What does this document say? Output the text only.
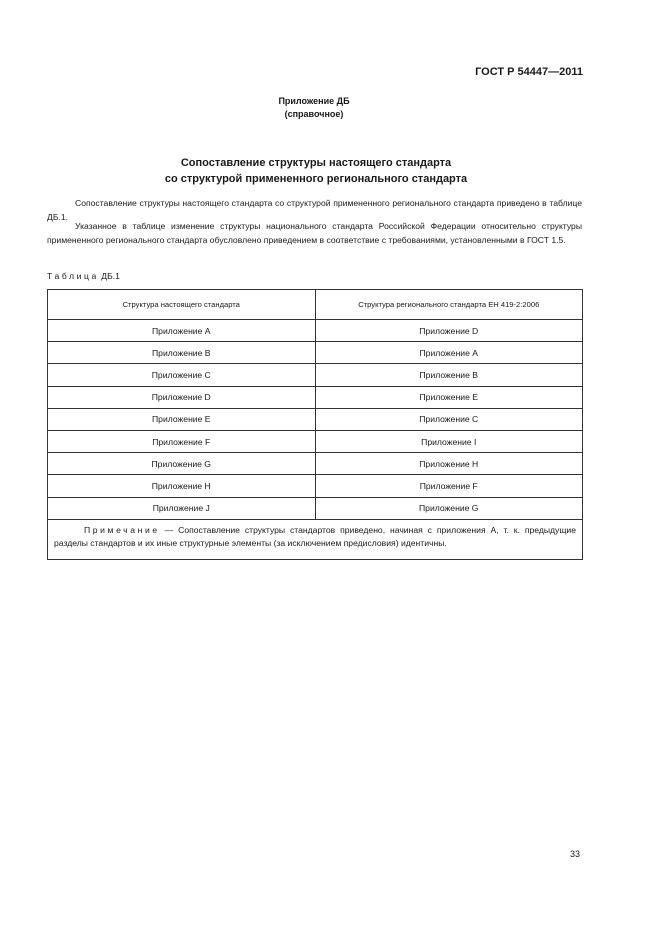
ГОСТ Р 54447—2011
Приложение ДБ
(справочное)
Сопоставление структуры настоящего стандарта
со структурой примененного регионального стандарта
Сопоставление структуры настоящего стандарта со структурой примененного регионального стандарта приведено в таблице ДБ.1.
Указанное в таблице изменение структуры национального стандарта Российской Федерации относительно структуры примененного регионального стандарта обусловлено приведением в соответствие с требованиями, установленными в ГОСТ 1.5.
Таблица ДБ.1
Структура настоящего стандарта	Структура регионального стандарта ЕН 419-2:2006
Приложение А	Приложение D
Приложение В	Приложение А
Приложение С	Приложение В
Приложение D	Приложение Е
Приложение Е	Приложение С
Приложение F	Приложение I
Приложение G	Приложение H
Приложение H	Приложение F
Приложение J	Приложение G
Примечание — Сопоставление структуры стандартов приведено, начиная с приложения А, т. к. предыдущие разделы стандартов и их иные структурные элементы (за исключением предисловия) идентичны.	
33
